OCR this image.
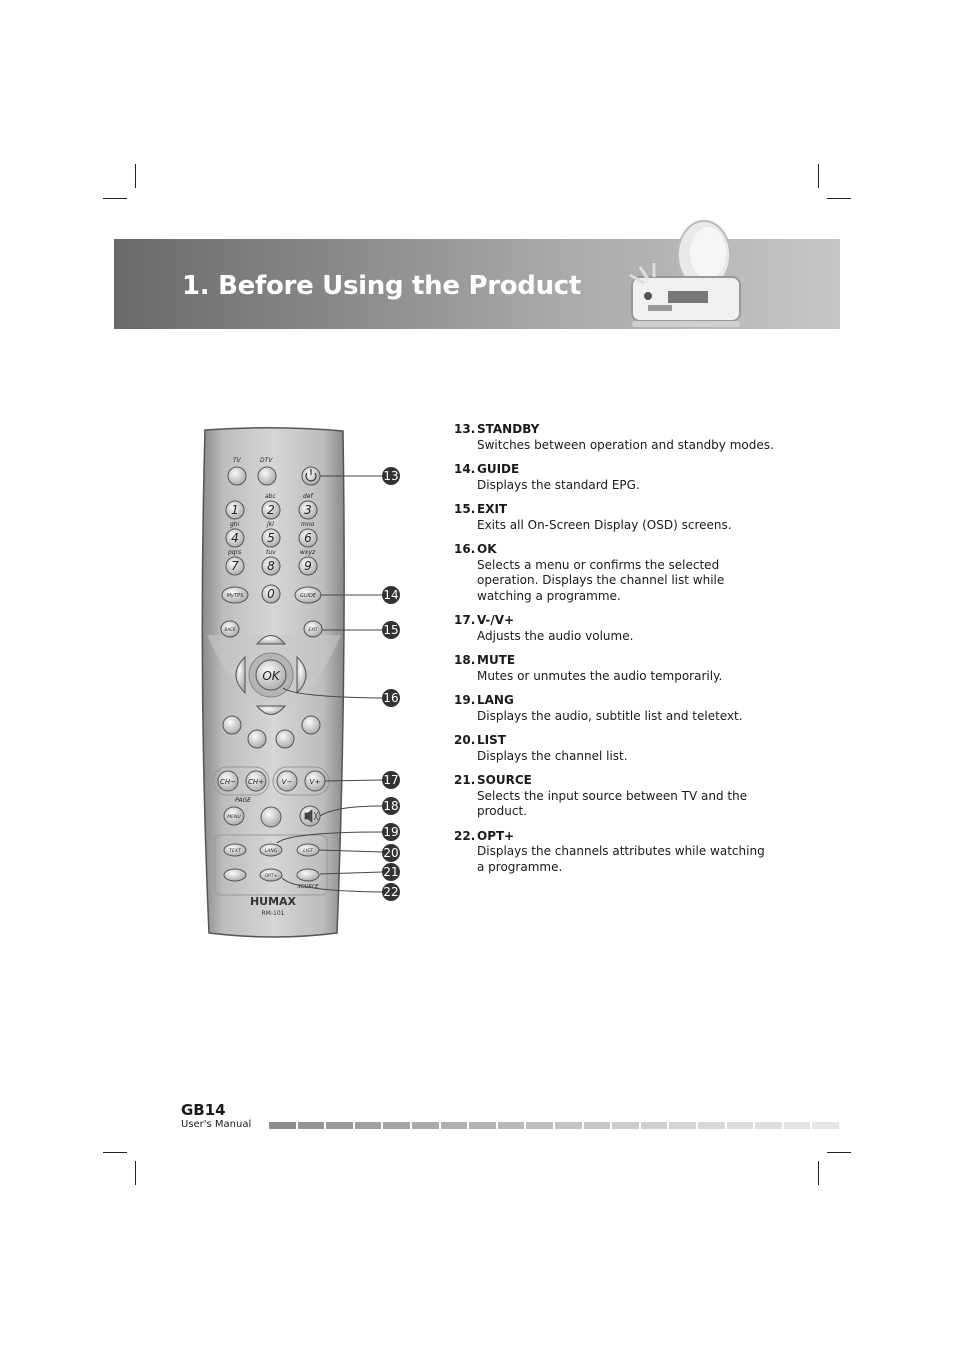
1. Before Using the Product
TV	DTV
abc	def
ghi	jkl	mno
pqrs	tuv	wxyz
1 2 3
4 5 6
7 8 9
0
MyTPS	GUIDE
BACK	EXIT
OK
CH− CH+	V− V+
PAGE
MENU
TEXT	LANG	LIST
OPT+
SOURCE
HUMAX
RM-101
13
14
15
16
17
18
19
20
21
22
13. STANDBY
Switches between operation and standby modes.
14. GUIDE
Displays the standard EPG.
15. EXIT
Exits all On-Screen Display (OSD) screens.
16. OK
Selects a menu or confirms the selected operation. Displays the channel list while watching a programme.
17. V-/V+
Adjusts the audio volume.
18. MUTE
Mutes or unmutes the audio temporarily.
19. LANG
Displays the audio, subtitle list and teletext.
20. LIST
Displays the channel list.
21. SOURCE
Selects the input source between TV and the product.
22. OPT+
Displays the channels attributes while watching a programme.
GB14
User's Manual
